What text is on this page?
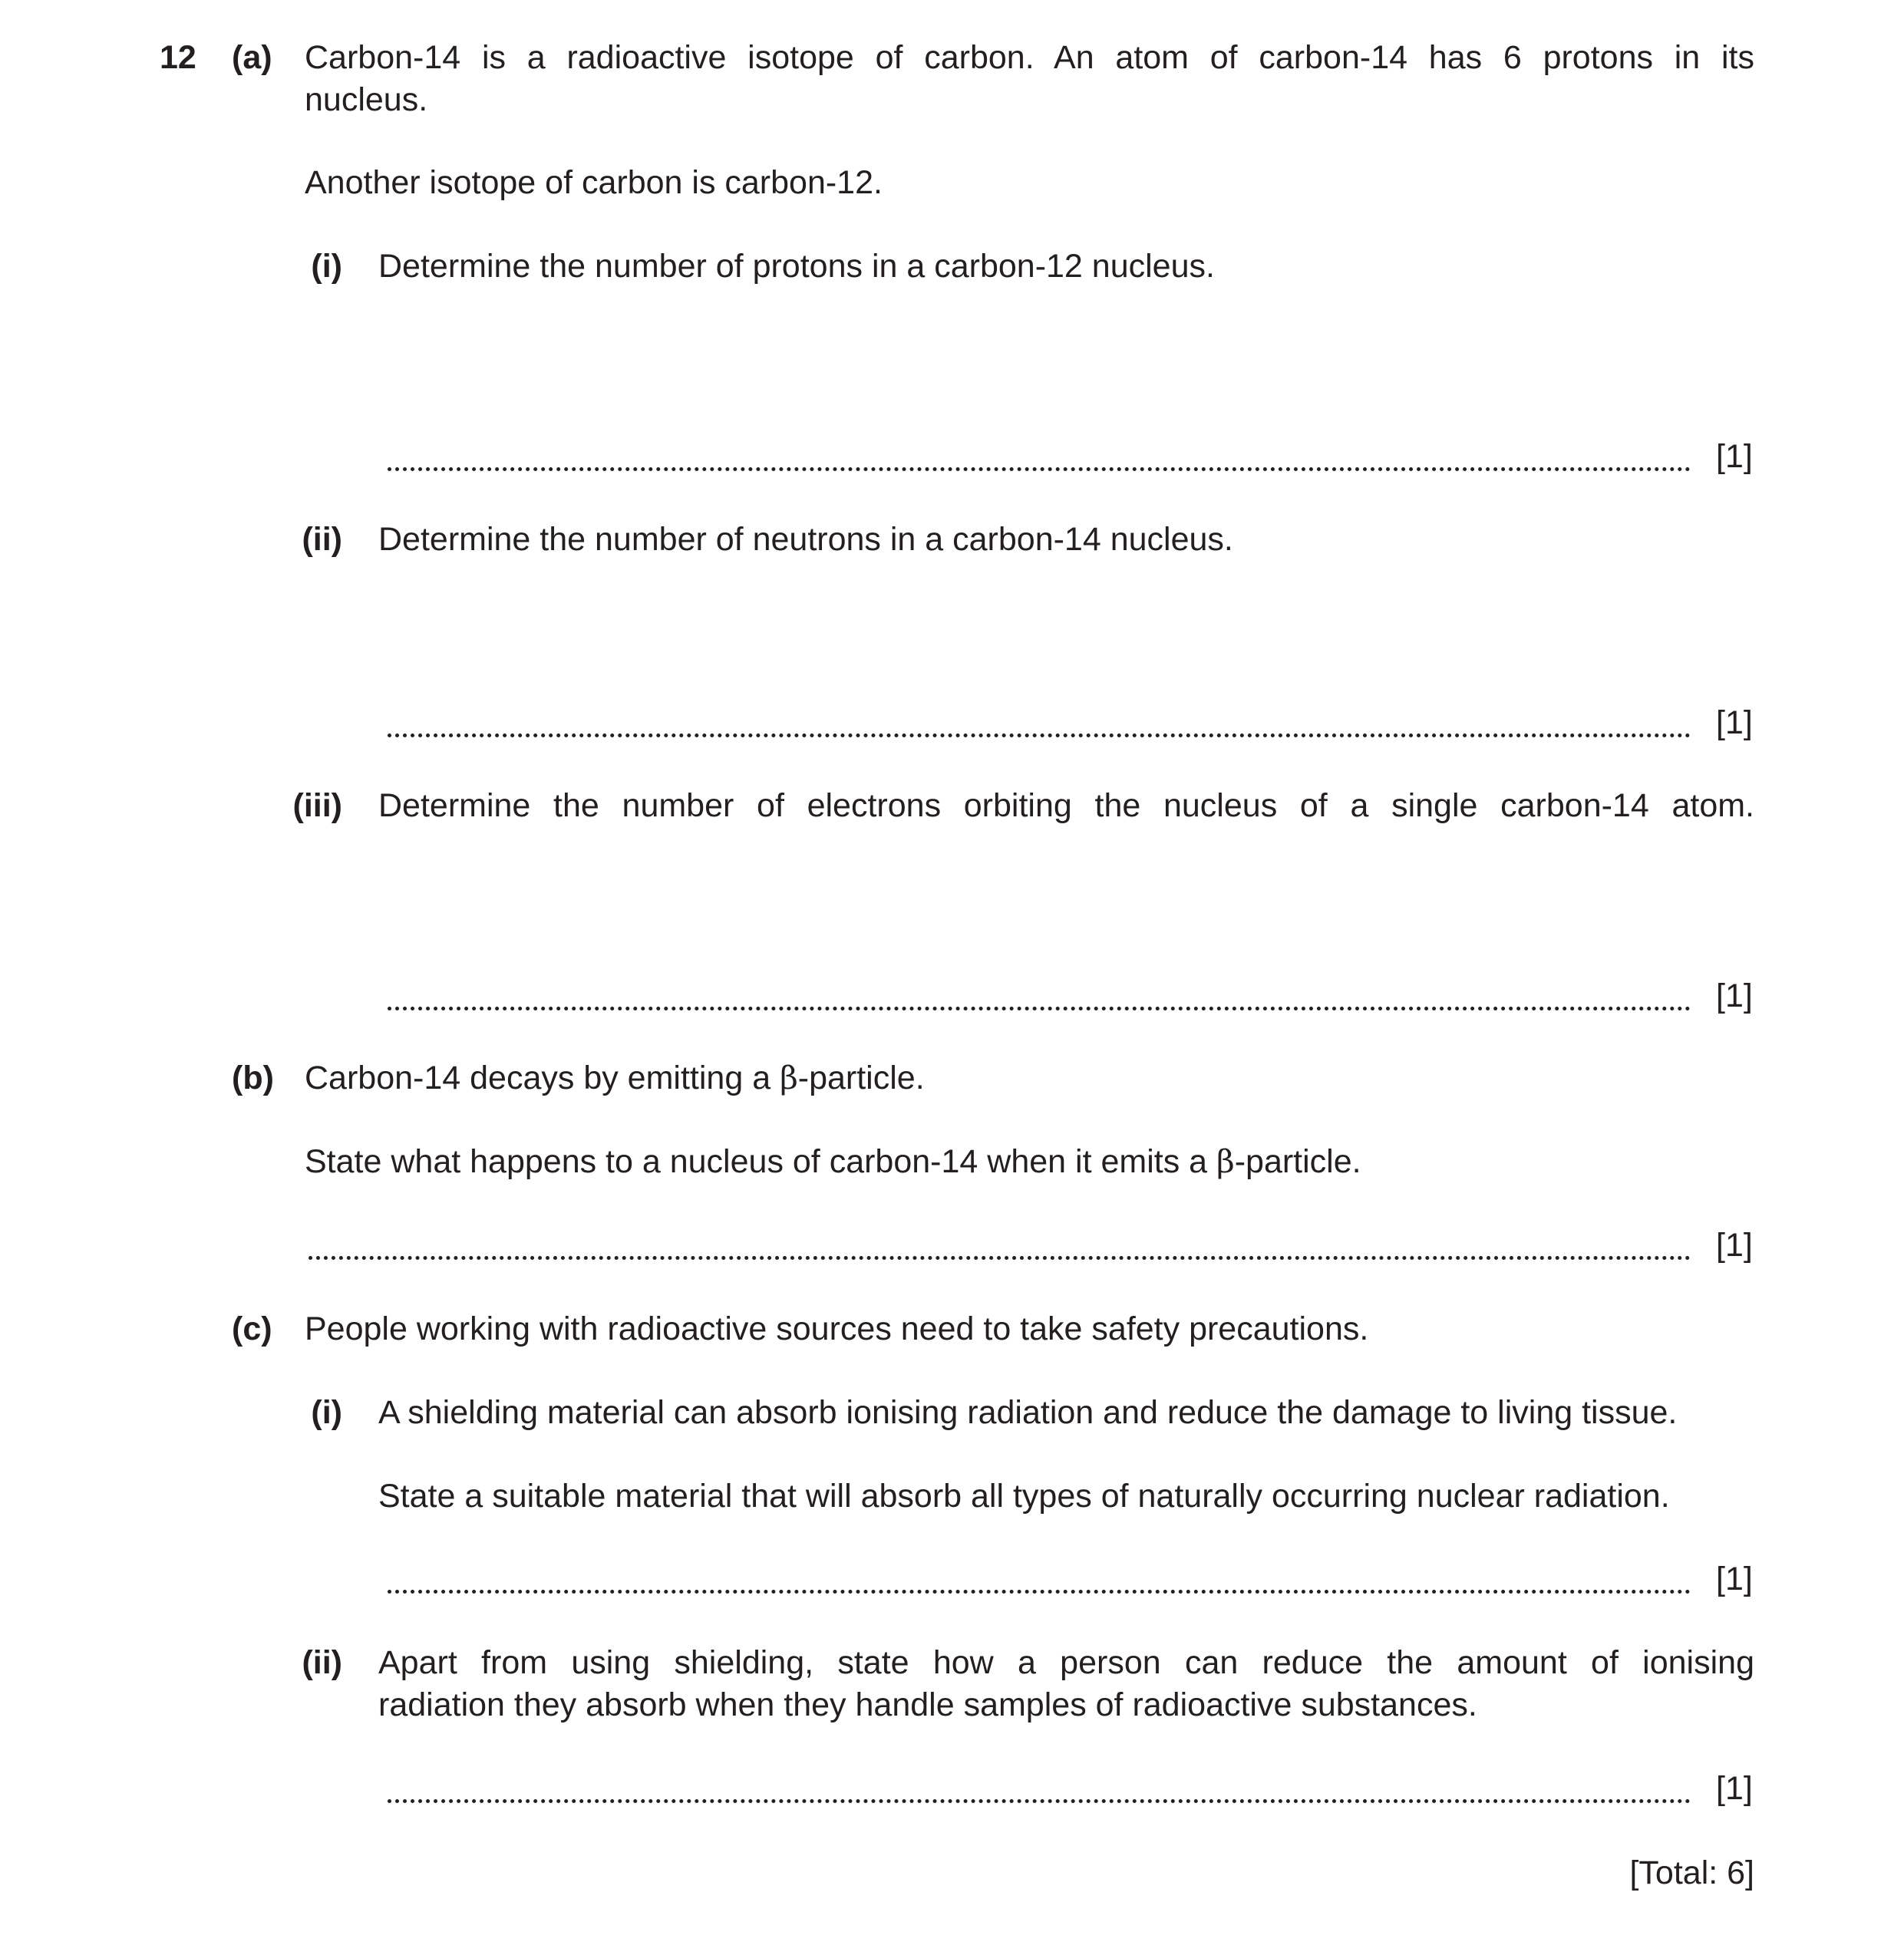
12 (a) Carbon-14 is a radioactive isotope of carbon. An atom of carbon-14 has 6 protons in its
nucleus.
Another isotope of carbon is carbon-12.
(i) Determine the number of protons in a carbon-12 nucleus.
[1]
(ii) Determine the number of neutrons in a carbon-14 nucleus.
[1]
(iii) Determine the number of electrons orbiting the nucleus of a single carbon-14 atom.
[1]
(b) Carbon-14 decays by emitting a β-particle.
State what happens to a nucleus of carbon-14 when it emits a β-particle.
[1]
(c) People working with radioactive sources need to take safety precautions.
(i) A shielding material can absorb ionising radiation and reduce the damage to living tissue.
State a suitable material that will absorb all types of naturally occurring nuclear radiation.
[1]
(ii) Apart from using shielding, state how a person can reduce the amount of ionising
radiation they absorb when they handle samples of radioactive substances.
[1]
[Total: 6]
